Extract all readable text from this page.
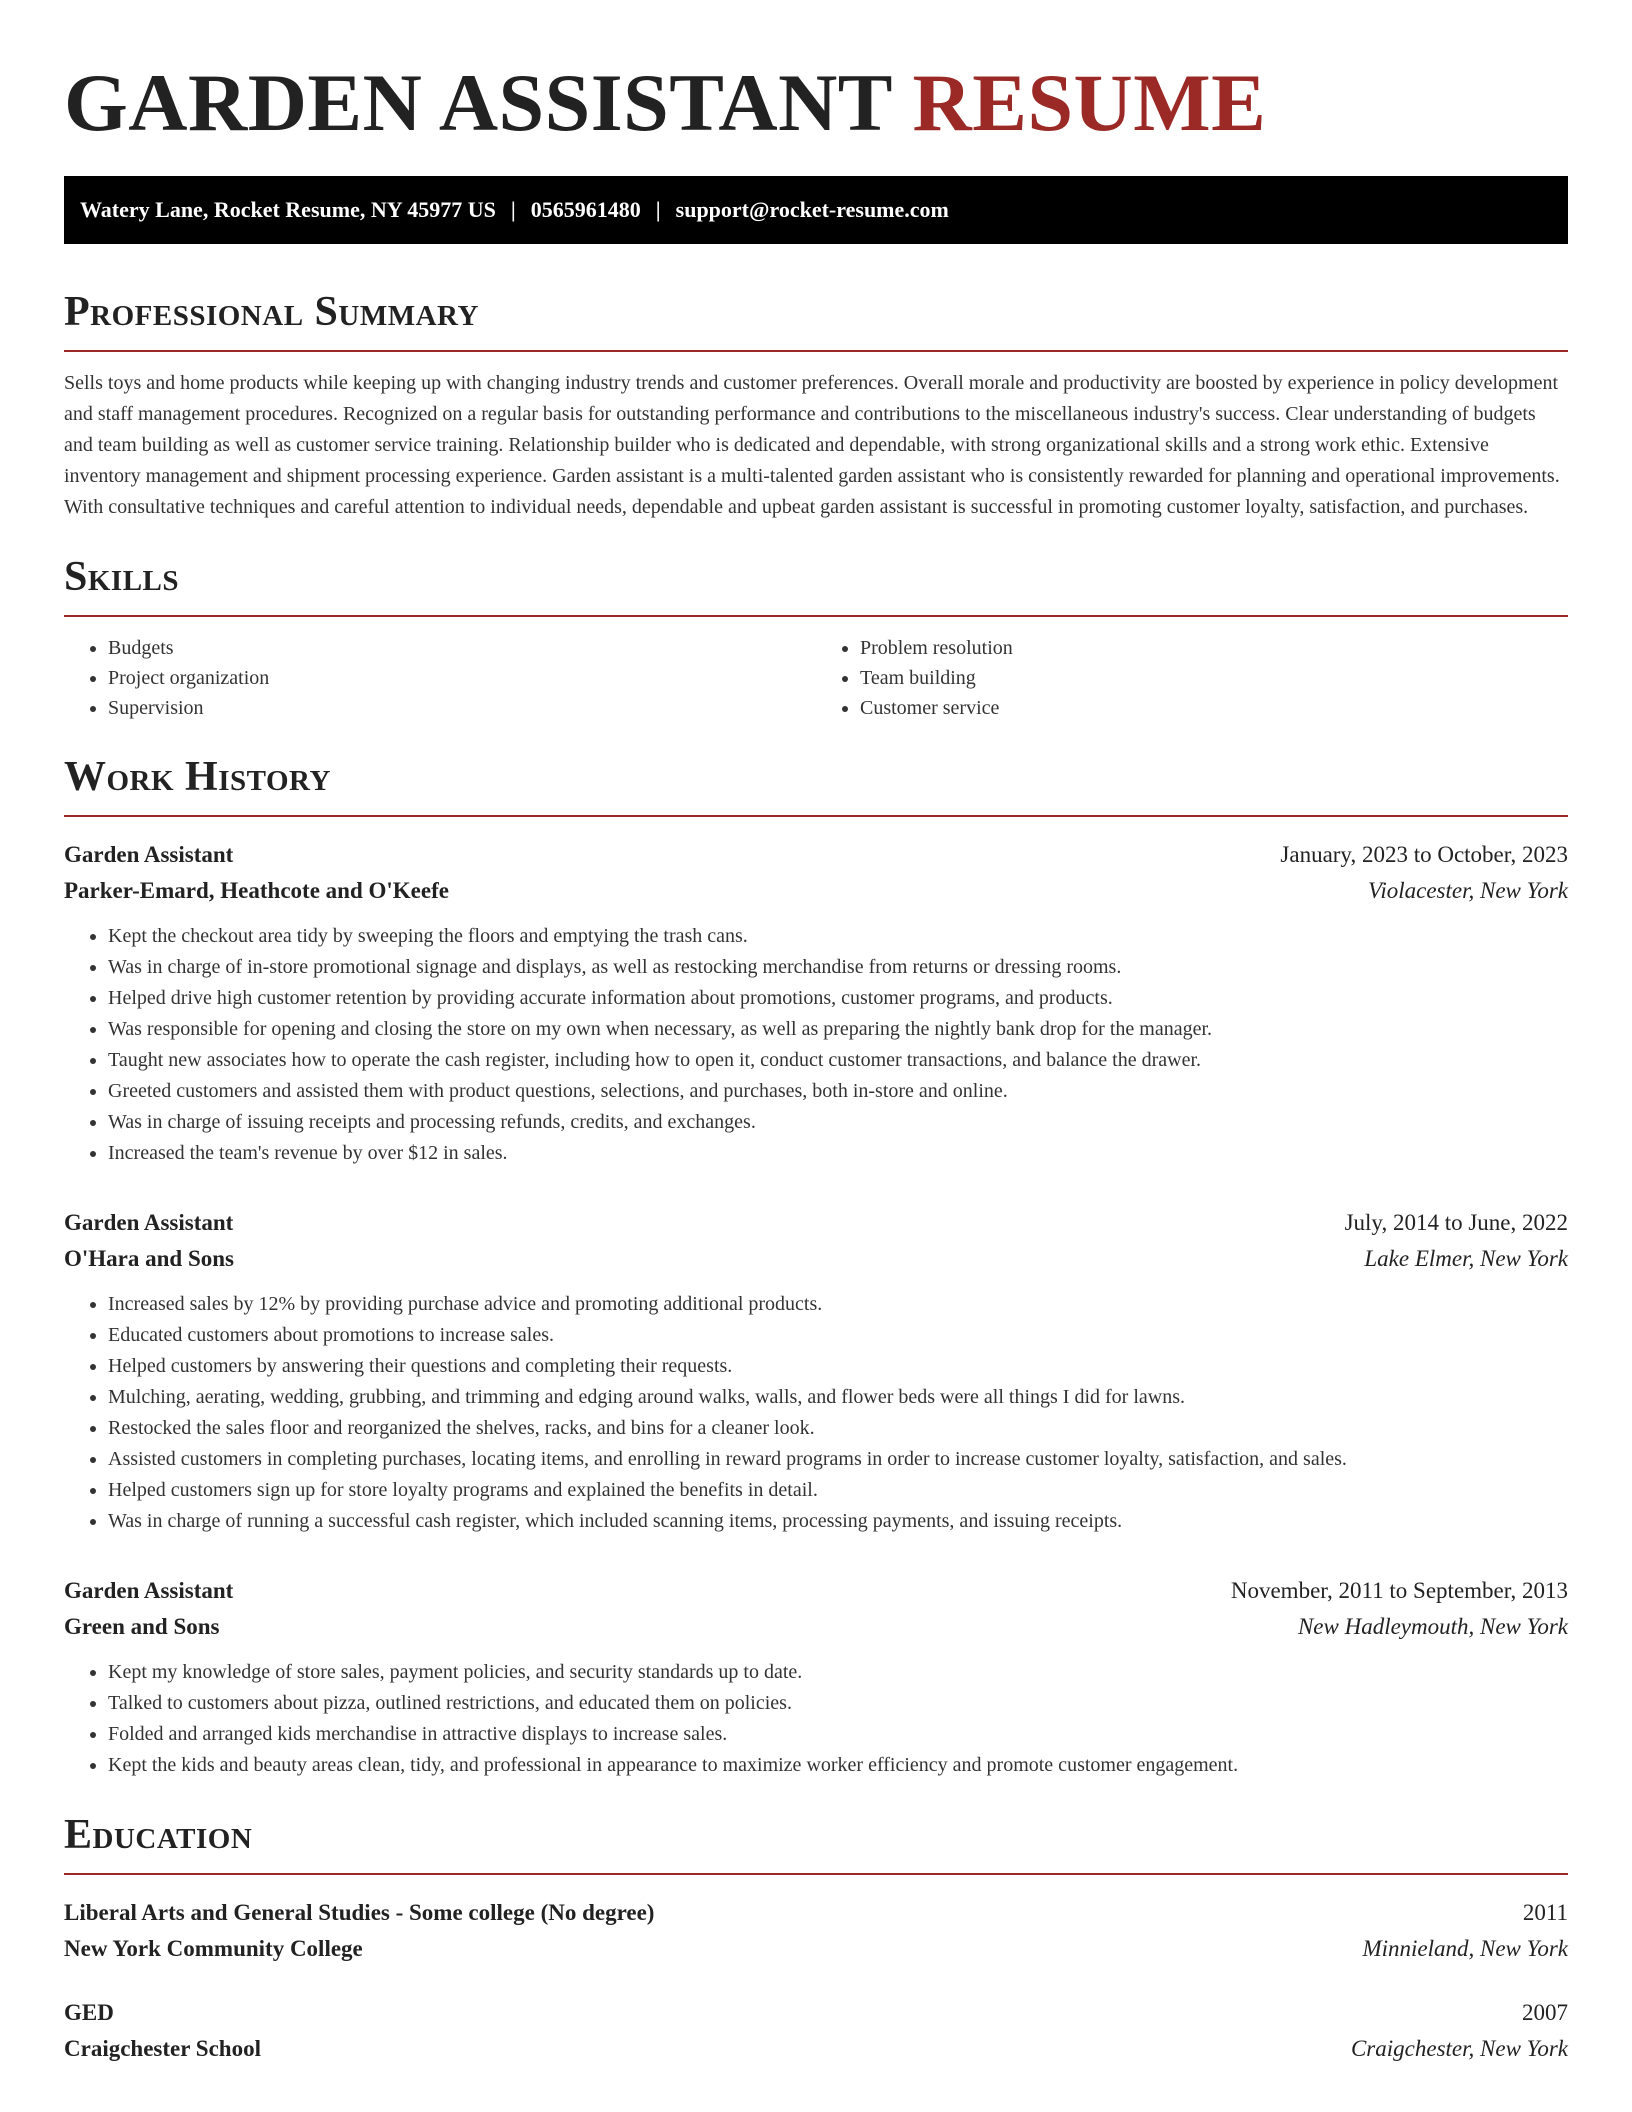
GARDEN ASSISTANT RESUME
Watery Lane, Rocket Resume, NY 45977 US | 0565961480 | support@rocket-resume.com
Professional Summary

Sells toys and home products while keeping up with changing industry trends and customer preferences. Overall morale and productivity are boosted by experience in policy development and staff management procedures. Recognized on a regular basis for outstanding performance and contributions to the miscellaneous industry's success. Clear understanding of budgets and team building as well as customer service training. Relationship builder who is dedicated and dependable, with strong organizational skills and a strong work ethic. Extensive inventory management and shipment processing experience. Garden assistant is a multi-talented garden assistant who is consistently rewarded for planning and operational improvements. With consultative techniques and careful attention to individual needs, dependable and upbeat garden assistant is successful in promoting customer loyalty, satisfaction, and purchases.

Skills
• Budgets
• Project organization
• Supervision
• Problem resolution
• Team building
• Customer service
Work History
Garden Assistant	January, 2023 to October, 2023
Parker-Emard, Heathcote and O'Keefe	Violacester, New York
• Kept the checkout area tidy by sweeping the floors and emptying the trash cans.
• Was in charge of in-store promotional signage and displays, as well as restocking merchandise from returns or dressing rooms.
• Helped drive high customer retention by providing accurate information about promotions, customer programs, and products.
• Was responsible for opening and closing the store on my own when necessary, as well as preparing the nightly bank drop for the manager.
• Taught new associates how to operate the cash register, including how to open it, conduct customer transactions, and balance the drawer.
• Greeted customers and assisted them with product questions, selections, and purchases, both in-store and online.
• Was in charge of issuing receipts and processing refunds, credits, and exchanges.
• Increased the team's revenue by over $12 in sales.
Garden Assistant	July, 2014 to June, 2022
O'Hara and Sons	Lake Elmer, New York
• Increased sales by 12% by providing purchase advice and promoting additional products.
• Educated customers about promotions to increase sales.
• Helped customers by answering their questions and completing their requests.
• Mulching, aerating, wedding, grubbing, and trimming and edging around walks, walls, and flower beds were all things I did for lawns.
• Restocked the sales floor and reorganized the shelves, racks, and bins for a cleaner look.
• Assisted customers in completing purchases, locating items, and enrolling in reward programs in order to increase customer loyalty, satisfaction, and sales.
• Helped customers sign up for store loyalty programs and explained the benefits in detail.
• Was in charge of running a successful cash register, which included scanning items, processing payments, and issuing receipts.
Garden Assistant	November, 2011 to September, 2013
Green and Sons	New Hadleymouth, New York
• Kept my knowledge of store sales, payment policies, and security standards up to date.
• Talked to customers about pizza, outlined restrictions, and educated them on policies.
• Folded and arranged kids merchandise in attractive displays to increase sales.
• Kept the kids and beauty areas clean, tidy, and professional in appearance to maximize worker efficiency and promote customer engagement.
Education
Liberal Arts and General Studies - Some college (No degree)	2011
New York Community College	Minnieland, New York
GED	2007
Craigchester School	Craigchester, New York
